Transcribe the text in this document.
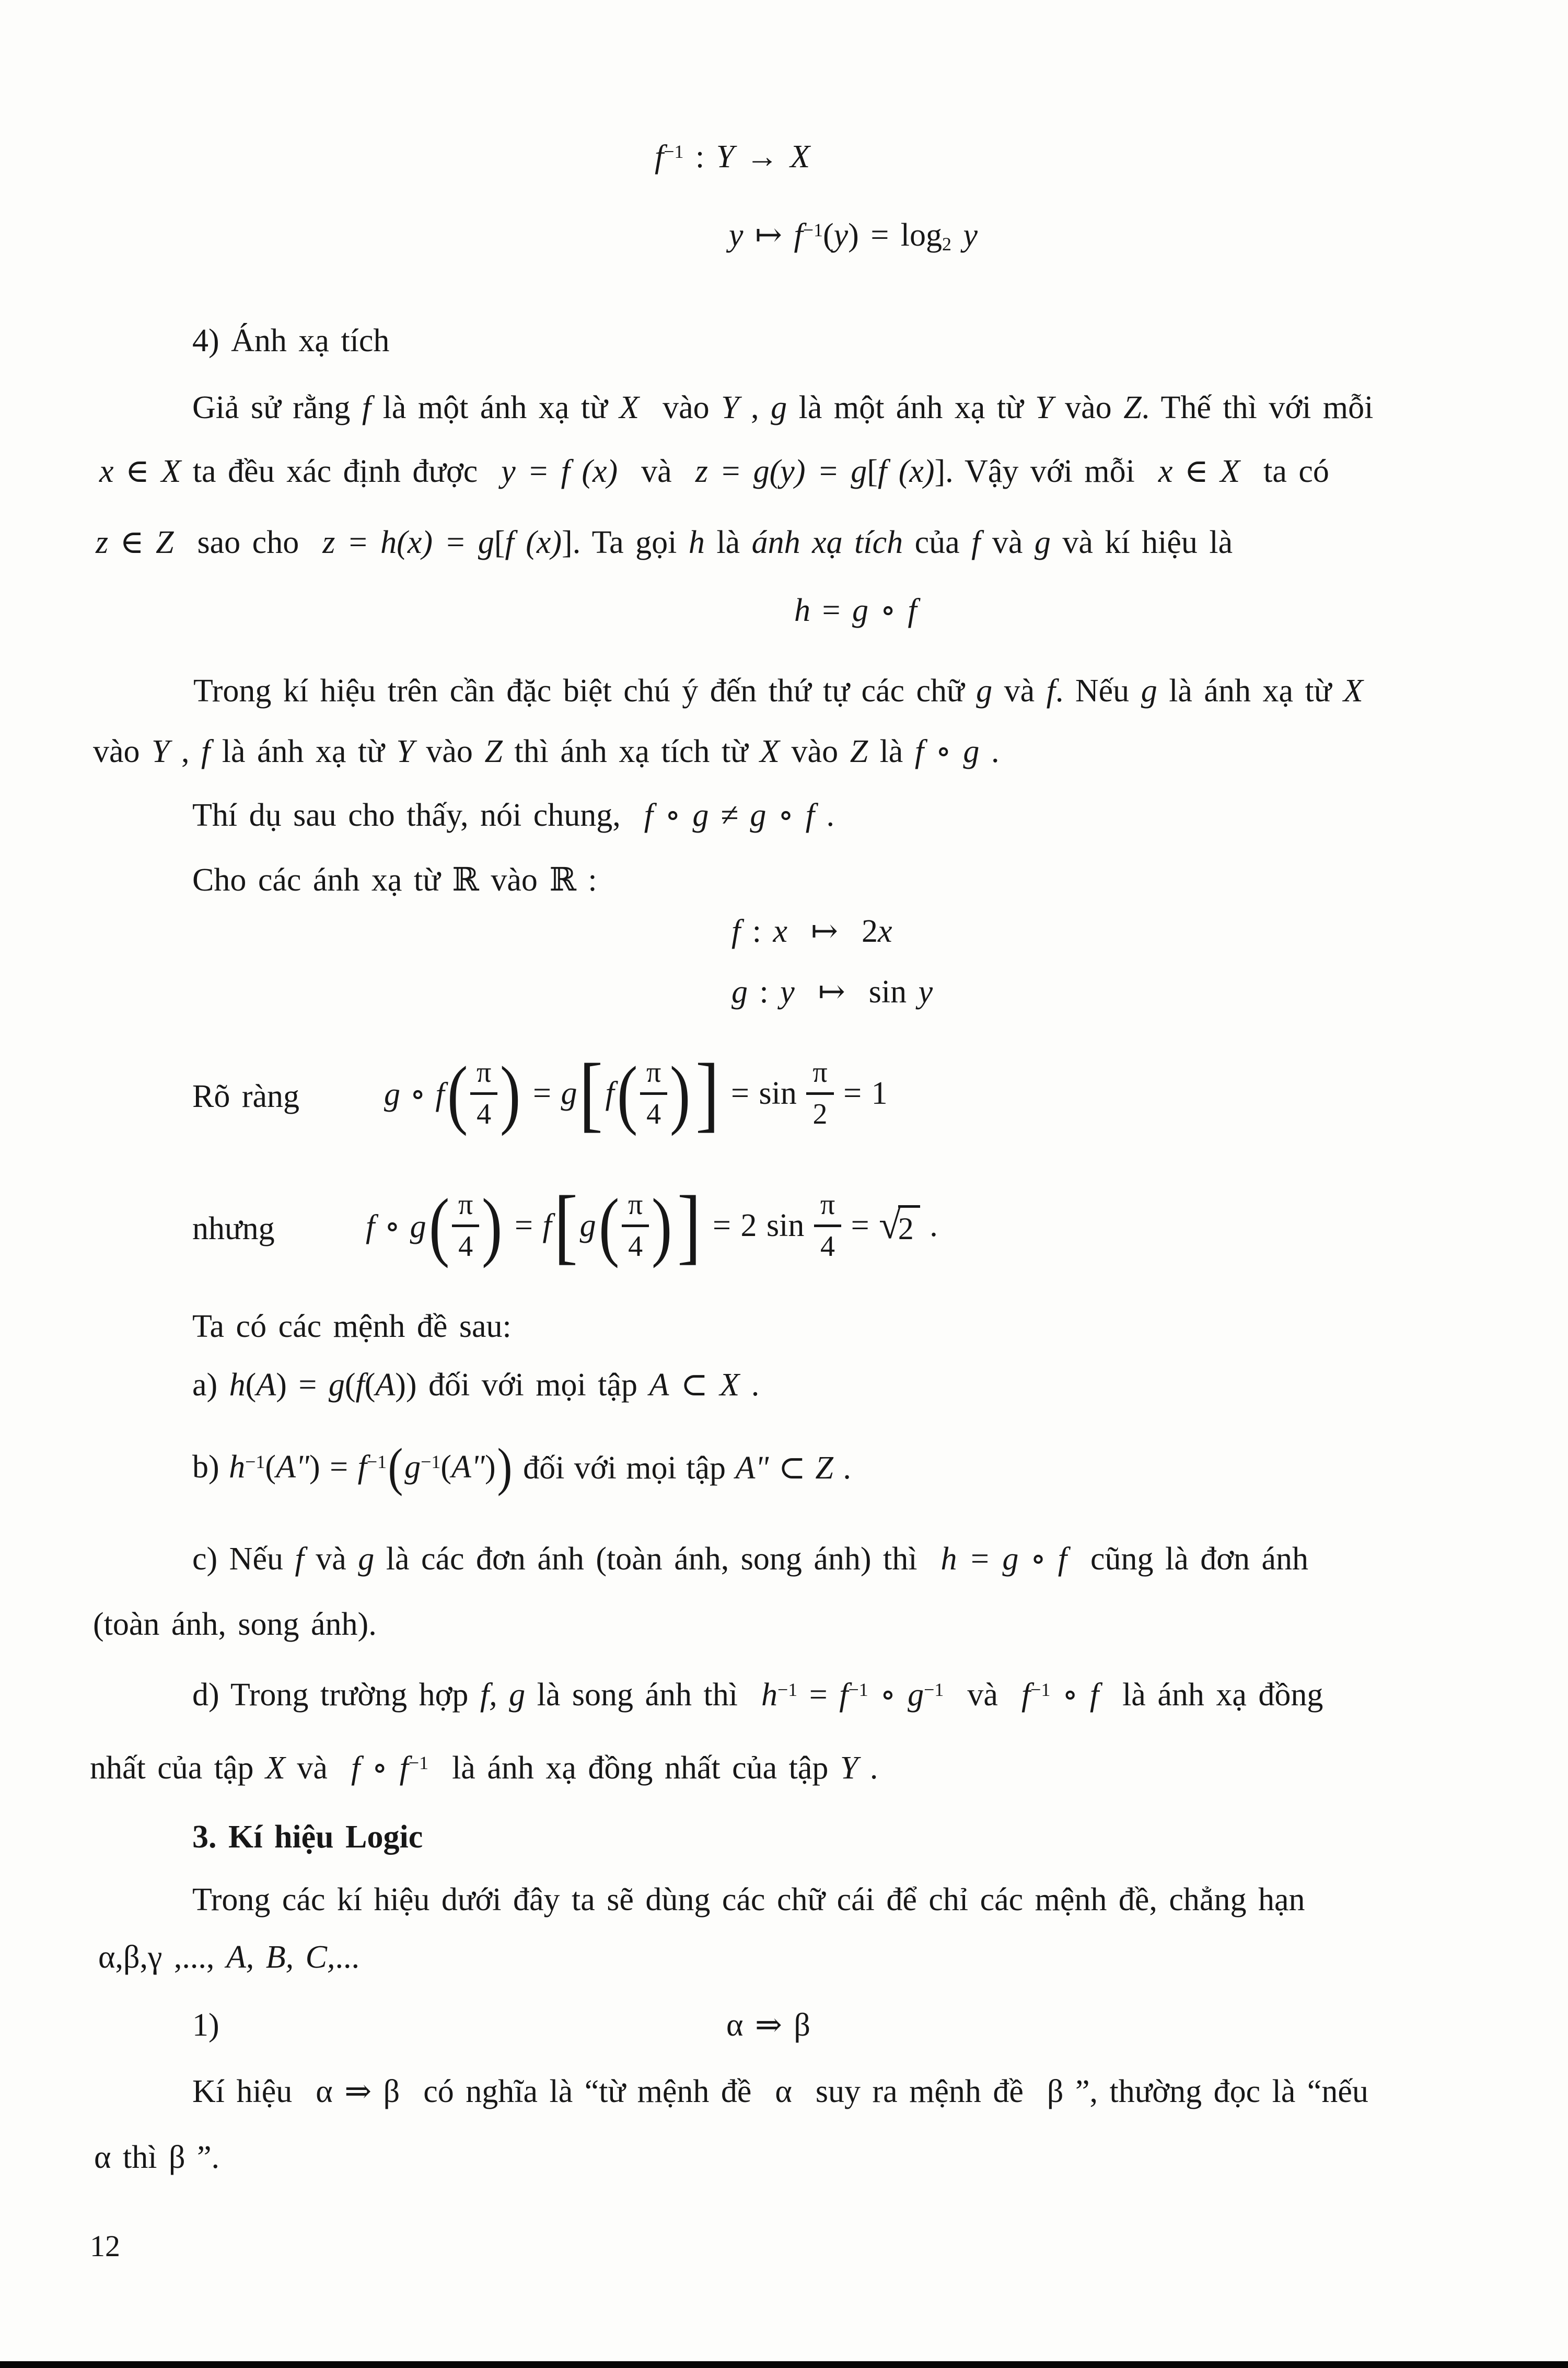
$f^{-1}$ : Y → X
y ↦ $f^{-1}(y) = \log_2 y$
4) Ánh xạ tích
Giả sử rằng f là một ánh xạ từ X  vào Y , g là một ánh xạ từ Y vào Z. Thế thì với mỗi
x ∈ X ta đều xác định được  y = f (x)  và  z = g(y) = g[f (x)]. Vậy với mỗi  x ∈ X  ta có
z ∈ Z  sao cho  z = h(x) = g[f (x)]. Ta gọi h là ánh xạ tích của f và g và kí hiệu là
h = g ∘ f
Trong kí hiệu trên cần đặc biệt chú ý đến thứ tự các chữ g và f. Nếu g là ánh xạ từ X
vào Y , f là ánh xạ từ Y vào Z thì ánh xạ tích từ X vào Z là f ∘ g .
Thí dụ sau cho thấy, nói chung,  f ∘ g ≠ g ∘ f .
Cho các ánh xạ từ ℝ vào ℝ :
f : x  ↦  2x
g : y  ↦  sin y
Rõ ràng	g ∘ f ( $\frac{\pi}{4}$ ) = g [ f ( $\frac{\pi}{4}$ ) ] = $\sin \frac{\pi}{2} = 1$
nhưng	f ∘ g ( $\frac{\pi}{4}$ ) = f [ g ( $\frac{\pi}{4}$ ) ] = 2 $\sin \frac{\pi}{4}$ = √
2 .
Ta có các mệnh đề sau:
a) h(A) = g(f(A)) đối với mọi tập A ⊂ X .
b) $h^{-1}(A") = f^{-1}$ ( $g^{-1}(A")$ ) đối với mọi tập A" ⊂ Z .
c) Nếu f và g là các đơn ánh (toàn ánh, song ánh) thì  h = g ∘ f  cũng là đơn ánh
(toàn ánh, song ánh).
d) Trong trường hợp f, g là song ánh thì  $h^{-1} = f^{-1}$ ∘ $g^{-1}$  và  $f^{-1}$ ∘ f  là ánh xạ đồng
nhất của tập X và  f ∘ $f^{-1}$  là ánh xạ đồng nhất của tập Y .
3. Kí hiệu Logic
Trong các kí hiệu dưới đây ta sẽ dùng các chữ cái để chỉ các mệnh đề, chẳng hạn
α,β,γ ,..., A, B, C,...
1)	α ⇒ β
Kí hiệu  α ⇒ β  có nghĩa là “từ mệnh đề  α  suy ra mệnh đề  β ”, thường đọc là “nếu
α thì β ”.
12
